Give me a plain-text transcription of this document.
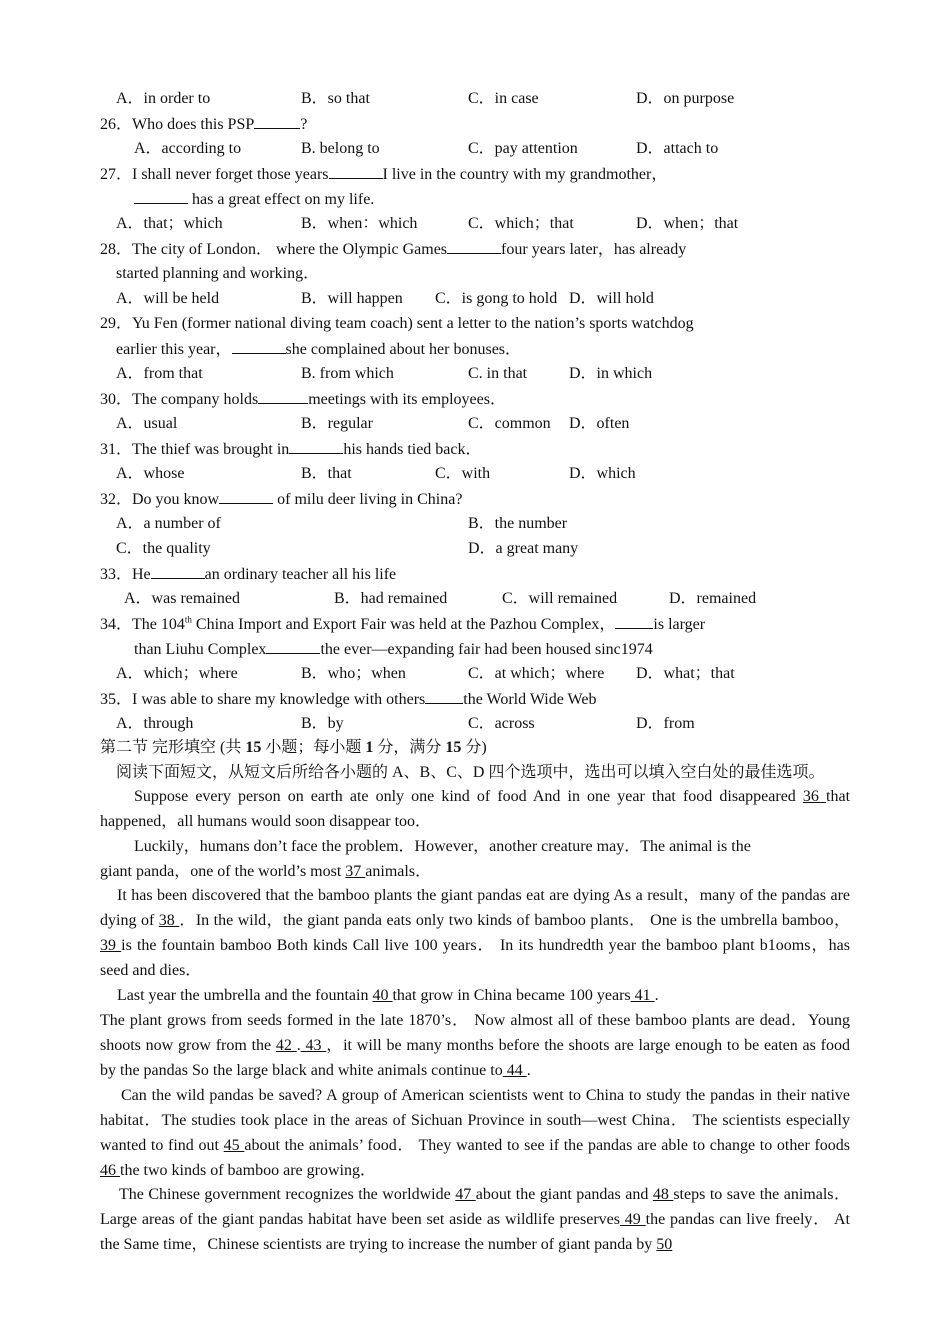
A．in order to	B．so that	C．in case	D．on purpose
26．Who does this PSP	?
A．according to	B. belong to	C．pay attention	D．attach to
27．I shall never forget those years	I live in the country with my grandmother，
has a great effect on my life.
A．that；which	B．when：which	C．which；that	D．when；that
28．The city of London． where the Olympic Games	four years later，has already
started planning and working．
A．will be held	B．will happen C．is gong to hold D．will hold
29．Yu Fen (former national diving team coach) sent a letter to the nation’s sports watchdog
earlier this year，	she complained about her bonuses．
A．from that	B. from which	C. in that	D．in which
30．The company holds	meetings with its employees．
A．usual	B．regular	C．common D．often
31．The thief was brought in	his hands tied back．
A．whose	B．that	C．with	D．which
32．Do you know	of milu deer living in China?
A．a number of	B．the number
C．the quality	D．a great many
33．He	an ordinary teacher all his life
A．was remained	B．had remained	C．will remained	D．remained
34．The 104th China Import and Export Fair was held at the Pazhou Complex， is larger
than Liuhu Complex	the ever—expanding fair had been housed sinc1974
A．which；where	B．who；when	C．at which；where D．what；that
35．I was able to share my knowledge with others the World Wide Web
A．through	B．by	C．across	D．from
第二节 完形填空 (共 15 小题；每小题 1 分，满分 15 分)
阅读下面短文，从短文后所给各小题的 A、B、C、D 四个选项中，选出可以填入空白处的最佳选项。
Suppose every person on earth ate only one kind of food And in one year that food disappeared 36 that happened，all humans would soon disappear too．
Luckily，humans don’t face the problem．However，another creature may．The animal is the
giant panda，one of the world’s most 37 animals．
It has been discovered that the bamboo plants the giant pandas eat are dying As a result，many of the pandas are dying of 38 ．In the wild，the giant panda eats only two kinds of bamboo plants． One is the umbrella bamboo， 39 is the fountain bamboo Both kinds Call live 100 years． In its hundredth year the bamboo plant b1ooms，has seed and dies．
Last year the umbrella and the fountain 40 that grow in China became 100 years 41 .
The plant grows from seeds formed in the late 1870’s． Now almost all of these bamboo plants are dead．Young shoots now grow from the 42 . 43 ，it will be many months before the shoots are large enough to be eaten as food by the pandas So the large black and white animals continue to 44 .
Can the wild pandas be saved? A group of American scientists went to China to study the pandas in their native habitat．The studies took place in the areas of Sichuan Province in south—west China． The scientists especially wanted to find out 45 about the animals’ food． They wanted to see if the pandas are able to change to other foods 46 the two kinds of bamboo are growing．
The Chinese government recognizes the worldwide 47 about the giant pandas and 48 steps to save the animals．Large areas of the giant pandas habitat have been set aside as wildlife preserves 49 the pandas can live freely． At the Same time，Chinese scientists are trying to increase the number of giant panda by 50
